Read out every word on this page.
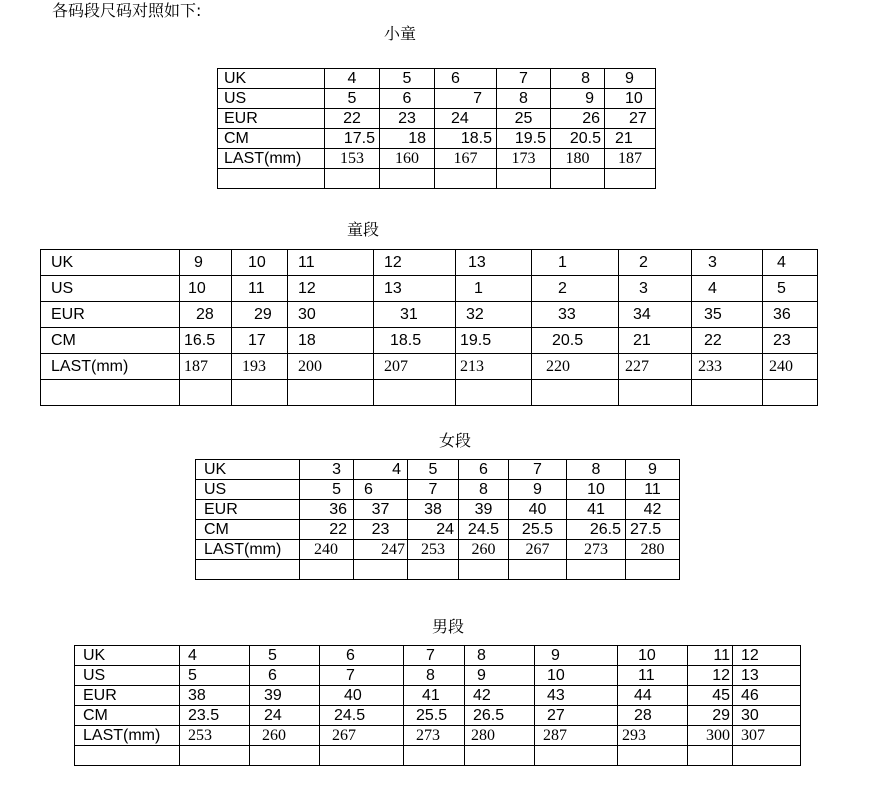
各码段尺码对照如下:
小童
UK	4	5	6	7	8	9
US	5	6	7	8	9	10
EUR	22	23	24	25	26	27
CM	17.5	18	18.5	19.5	20.5	21
LAST(mm)	153	160	167	173	180	187

童段
UK	9	10	11	12	13	1	2	3	4
US	10	11	12	13	1	2	3	4	5
EUR	28	29	30	31	32	33	34	35	36
CM	16.5	17	18	18.5	19.5	20.5	21	22	23
LAST(mm)	187	193	200	207	213	220	227	233	240

女段
UK	3	4	5	6	7	8	9
US	5	6	7	8	9	10	11
EUR	36	37	38	39	40	41	42
CM	22	23	24	24.5	25.5	26.5	27.5
LAST(mm)	240	247	253	260	267	273	280

男段
UK	4	5	6	7	8	9	10	11	12
US	5	6	7	8	9	10	11	12	13
EUR	38	39	40	41	42	43	44	45	46
CM	23.5	24	24.5	25.5	26.5	27	28	29	30
LAST(mm)	253	260	267	273	280	287	293	300	307
